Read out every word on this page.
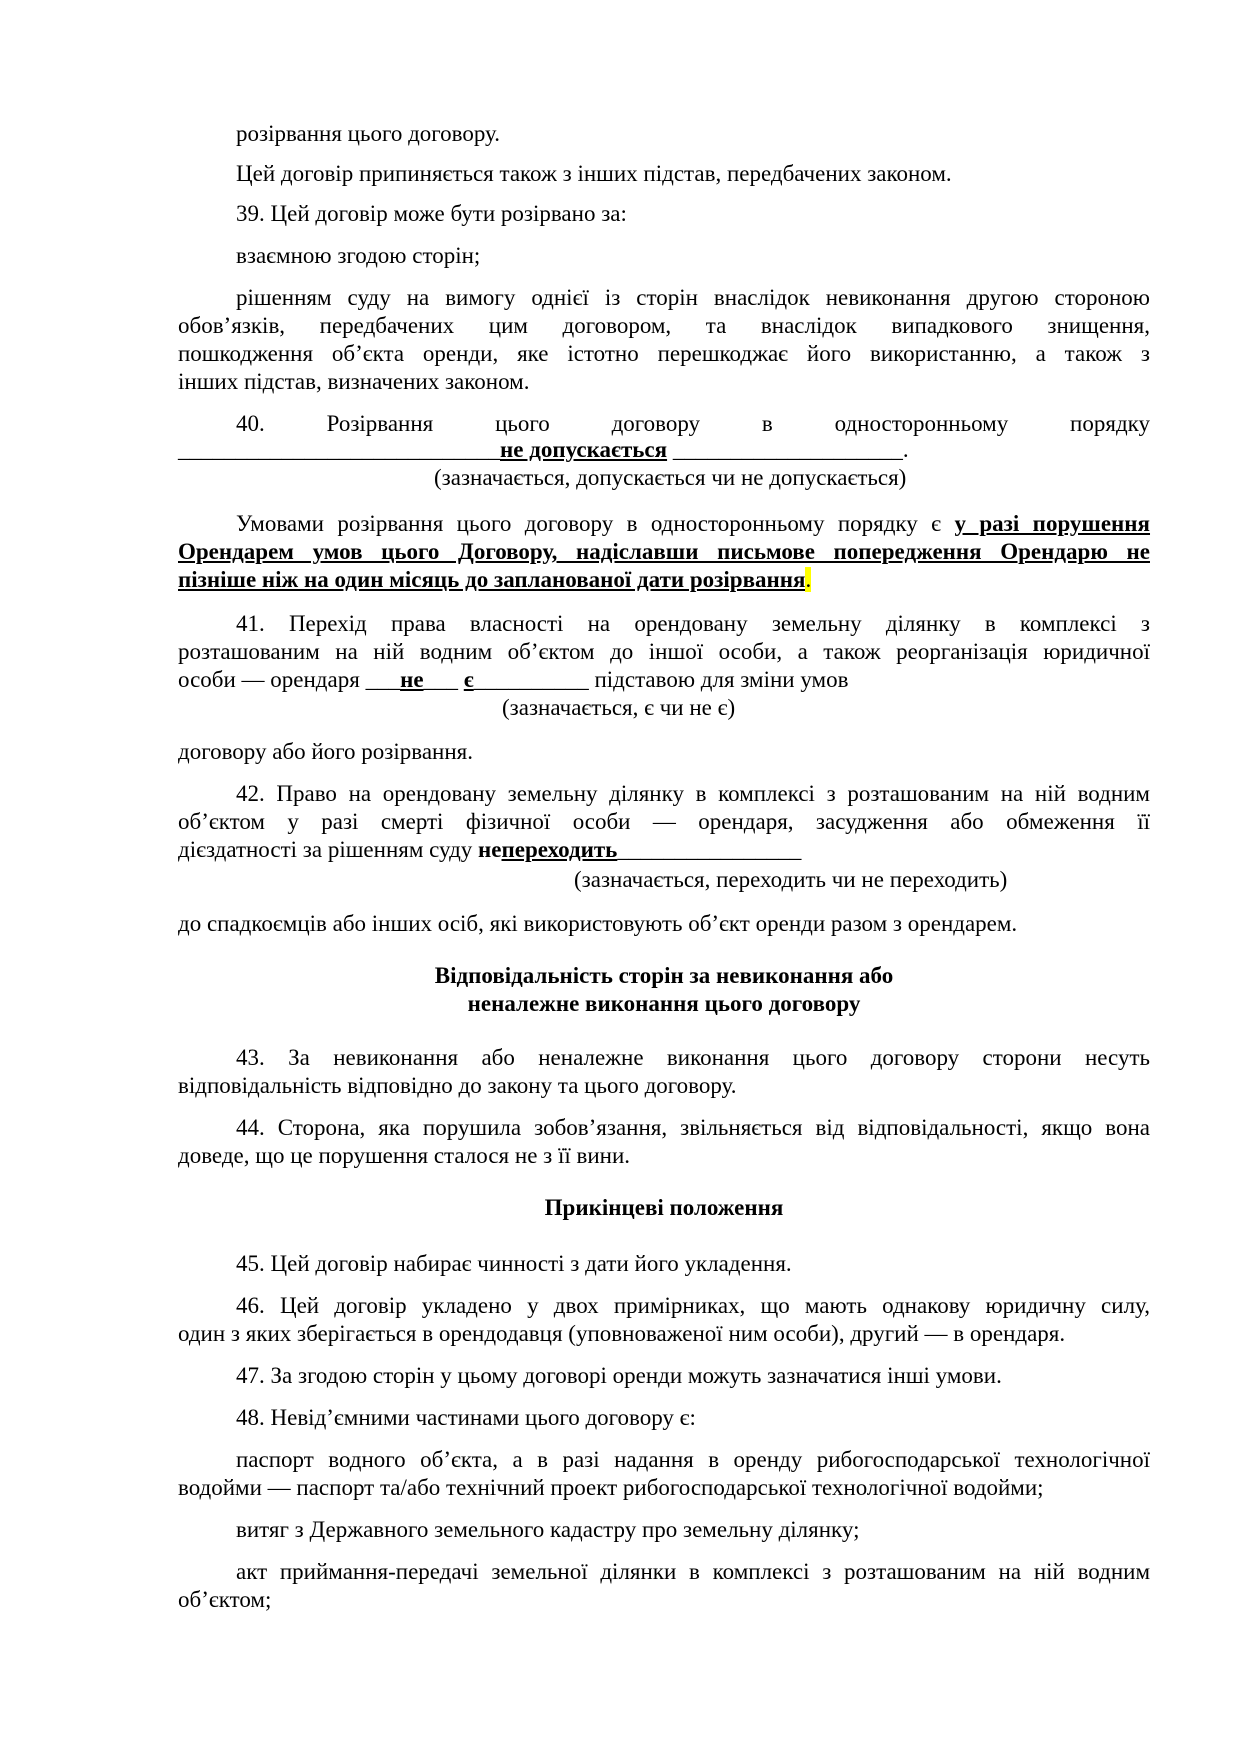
розірвання цього договору.
Цей договір припиняється також з інших підстав, передбачених законом.
39. Цей договір може бути розірвано за:
взаємною згодою сторін;
рішенням суду на вимогу однієї із сторін внаслідок невиконання другою стороною
обов’язків, передбачених цим договором, та внаслідок випадкового знищення,
пошкодження об’єкта оренди, яке істотно перешкоджає його використанню, а також з
інших підстав, визначених законом.
40. Розірвання цього договору в односторонньому порядку
____________________________не допускається ____________________.
(зазначається, допускається чи не допускається)
Умовами розірвання цього договору в односторонньому порядку є у разі порушення
Орендарем умов цього Договору, надіславши письмове попередження Орендарю не
пізніше ніж на один місяць до запланованої дати розірвання.
41. Перехід права власності на орендовану земельну ділянку в комплексі з
розташованим на ній водним об’єктом до іншої особи, а також реорганізація юридичної
особи — орендаря ___не___ є__________ підставою для зміни умов
(зазначається, є чи не є)
договору або його розірвання.
42. Право на орендовану земельну ділянку в комплексі з розташованим на ній водним
об’єктом у разі смерті фізичної особи — орендаря, засудження або обмеження її
дієздатності за рішенням суду непереходить________________
(зазначається, переходить чи не переходить)
до спадкоємців або інших осіб, які використовують об’єкт оренди разом з орендарем.
Відповідальність сторін за невиконання або
неналежне виконання цього договору
43. За невиконання або неналежне виконання цього договору сторони несуть
відповідальність відповідно до закону та цього договору.
44. Сторона, яка порушила зобов’язання, звільняється від відповідальності, якщо вона
доведе, що це порушення сталося не з її вини.
Прикінцеві положення
45. Цей договір набирає чинності з дати його укладення.
46. Цей договір укладено у двох примірниках, що мають однакову юридичну силу,
один з яких зберігається в орендодавця (уповноваженої ним особи), другий — в орендаря.
47. За згодою сторін у цьому договорі оренди можуть зазначатися інші умови.
48. Невід’ємними частинами цього договору є:
паспорт водного об’єкта, а в разі надання в оренду рибогосподарської технологічної
водойми — паспорт та/або технічний проект рибогосподарської технологічної водойми;
витяг з Державного земельного кадастру про земельну ділянку;
акт приймання-передачі земельної ділянки в комплексі з розташованим на ній водним
об’єктом;
